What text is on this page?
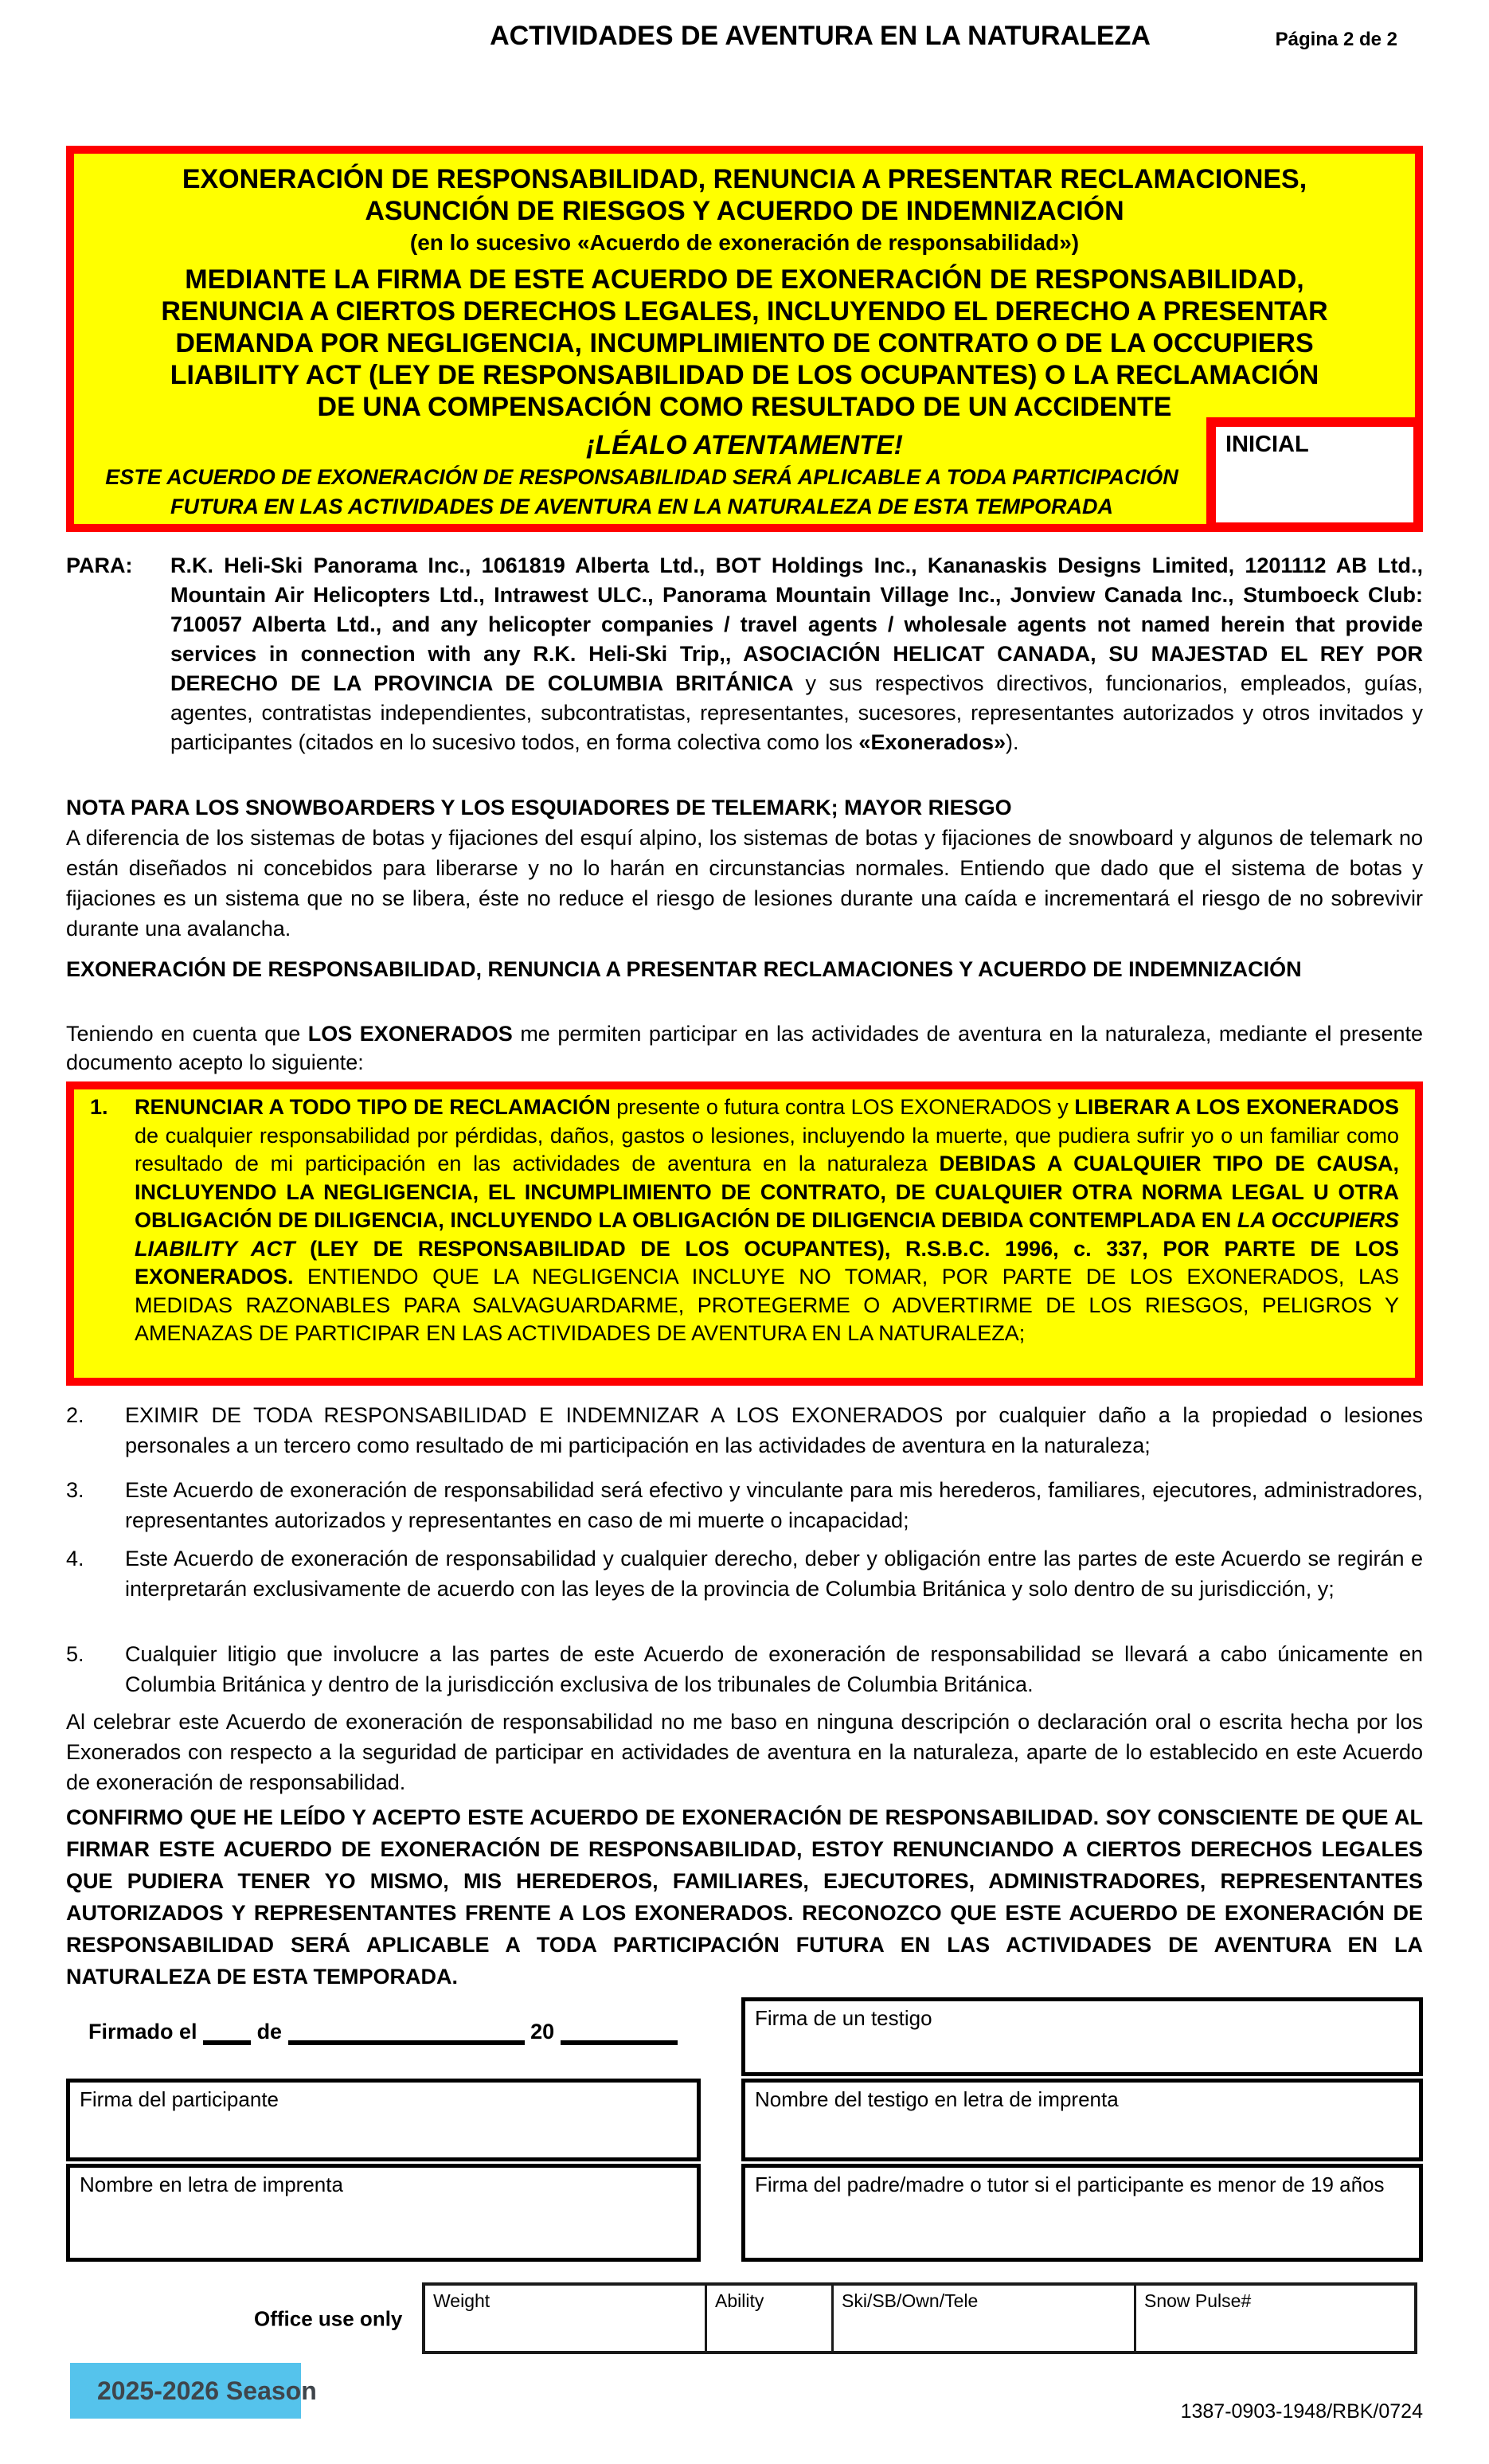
ACTIVIDADES DE AVENTURA EN LA NATURALEZA	Página 2 de 2
EXONERACIÓN DE RESPONSABILIDAD, RENUNCIA A PRESENTAR RECLAMACIONES,
ASUNCIÓN DE RIESGOS Y ACUERDO DE INDEMNIZACIÓN
(en lo sucesivo «Acuerdo de exoneración de responsabilidad»)
MEDIANTE LA FIRMA DE ESTE ACUERDO DE EXONERACIÓN DE RESPONSABILIDAD,
RENUNCIA A CIERTOS DERECHOS LEGALES, INCLUYENDO EL DERECHO A PRESENTAR
DEMANDA POR NEGLIGENCIA, INCUMPLIMIENTO DE CONTRATO O DE LA OCCUPIERS
LIABILITY ACT (LEY DE RESPONSABILIDAD DE LOS OCUPANTES) O LA RECLAMACIÓN
DE UNA COMPENSACIÓN COMO RESULTADO DE UN ACCIDENTE
¡LÉALO ATENTAMENTE!
ESTE ACUERDO DE EXONERACIÓN DE RESPONSABILIDAD SERÁ APLICABLE A TODA PARTICIPACIÓN
FUTURA EN LAS ACTIVIDADES DE AVENTURA EN LA NATURALEZA DE ESTA TEMPORADA
INICIAL
PARA:	R.K. Heli-Ski Panorama Inc., 1061819 Alberta Ltd., BOT Holdings Inc., Kananaskis Designs Limited, 1201112 AB Ltd., Mountain Air Helicopters Ltd., Intrawest ULC., Panorama Mountain Village Inc., Jonview Canada Inc., Stumboeck Club: 710057 Alberta Ltd., and any helicopter companies / travel agents / wholesale agents not named herein that provide services in connection with any R.K. Heli-Ski Trip,, ASOCIACIÓN HELICAT CANADA, SU MAJESTAD EL REY POR DERECHO DE LA PROVINCIA DE COLUMBIA BRITÁNICA y sus respectivos directivos, funcionarios, empleados, guías, agentes, contratistas independientes, subcontratistas, representantes, sucesores, representantes autorizados y otros invitados y participantes (citados en lo sucesivo todos, en forma colectiva como los «Exonerados»).
NOTA PARA LOS SNOWBOARDERS Y LOS ESQUIADORES DE TELEMARK; MAYOR RIESGO
A diferencia de los sistemas de botas y fijaciones del esquí alpino, los sistemas de botas y fijaciones de snowboard y algunos de telemark no están diseñados ni concebidos para liberarse y no lo harán en circunstancias normales. Entiendo que dado que el sistema de botas y fijaciones es un sistema que no se libera, éste no reduce el riesgo de lesiones durante una caída e incrementará el riesgo de no sobrevivir durante una avalancha.
EXONERACIÓN DE RESPONSABILIDAD, RENUNCIA A PRESENTAR RECLAMACIONES Y ACUERDO DE INDEMNIZACIÓN
Teniendo en cuenta que LOS EXONERADOS me permiten participar en las actividades de aventura en la naturaleza, mediante el presente documento acepto lo siguiente:
1.	RENUNCIAR A TODO TIPO DE RECLAMACIÓN presente o futura contra LOS EXONERADOS y LIBERAR A LOS EXONERADOS de cualquier responsabilidad por pérdidas, daños, gastos o lesiones, incluyendo la muerte, que pudiera sufrir yo o un familiar como resultado de mi participación en las actividades de aventura en la naturaleza DEBIDAS A CUALQUIER TIPO DE CAUSA, INCLUYENDO LA NEGLIGENCIA, EL INCUMPLIMIENTO DE CONTRATO, DE CUALQUIER OTRA NORMA LEGAL U OTRA OBLIGACIÓN DE DILIGENCIA, INCLUYENDO LA OBLIGACIÓN DE DILIGENCIA DEBIDA CONTEMPLADA EN LA OCCUPIERS LIABILITY ACT (LEY DE RESPONSABILIDAD DE LOS OCUPANTES), R.S.B.C. 1996, c. 337, POR PARTE DE LOS EXONERADOS. ENTIENDO QUE LA NEGLIGENCIA INCLUYE NO TOMAR, POR PARTE DE LOS EXONERADOS, LAS MEDIDAS RAZONABLES PARA SALVAGUARDARME, PROTEGERME O ADVERTIRME DE LOS RIESGOS, PELIGROS Y AMENAZAS DE PARTICIPAR EN LAS ACTIVIDADES DE AVENTURA EN LA NATURALEZA;
2.	EXIMIR DE TODA RESPONSABILIDAD E INDEMNIZAR A LOS EXONERADOS por cualquier daño a la propiedad o lesiones personales a un tercero como resultado de mi participación en las actividades de aventura en la naturaleza;
3.	Este Acuerdo de exoneración de responsabilidad será efectivo y vinculante para mis herederos, familiares, ejecutores, administradores, representantes autorizados y representantes en caso de mi muerte o incapacidad;
4.	Este Acuerdo de exoneración de responsabilidad y cualquier derecho, deber y obligación entre las partes de este Acuerdo se regirán e interpretarán exclusivamente de acuerdo con las leyes de la provincia de Columbia Británica y solo dentro de su jurisdicción, y;
5.	Cualquier litigio que involucre a las partes de este Acuerdo de exoneración de responsabilidad se llevará a cabo únicamente en Columbia Británica y dentro de la jurisdicción exclusiva de los tribunales de Columbia Británica.
Al celebrar este Acuerdo de exoneración de responsabilidad no me baso en ninguna descripción o declaración oral o escrita hecha por los Exonerados con respecto a la seguridad de participar en actividades de aventura en la naturaleza, aparte de lo establecido en este Acuerdo de exoneración de responsabilidad.
CONFIRMO QUE HE LEÍDO Y ACEPTO ESTE ACUERDO DE EXONERACIÓN DE RESPONSABILIDAD. SOY CONSCIENTE DE QUE AL FIRMAR ESTE ACUERDO DE EXONERACIÓN DE RESPONSABILIDAD, ESTOY RENUNCIANDO A CIERTOS DERECHOS LEGALES QUE PUDIERA TENER YO MISMO, MIS HEREDEROS, FAMILIARES, EJECUTORES, ADMINISTRADORES, REPRESENTANTES AUTORIZADOS Y REPRESENTANTES FRENTE A LOS EXONERADOS. RECONOZCO QUE ESTE ACUERDO DE EXONERACIÓN DE RESPONSABILIDAD SERÁ APLICABLE A TODA PARTICIPACIÓN FUTURA EN LAS ACTIVIDADES DE AVENTURA EN LA NATURALEZA DE ESTA TEMPORADA.
Firmado el	de	20
Firma de un testigo
Firma del participante	Nombre del testigo en letra de imprenta
Nombre en letra de imprenta	Firma del padre/madre o tutor si el participante es menor de 19 años
Office use only
Weight	Ability	Ski/SB/Own/Tele	Snow Pulse#
2025-2026 Season
1387-0903-1948/RBK/0724
